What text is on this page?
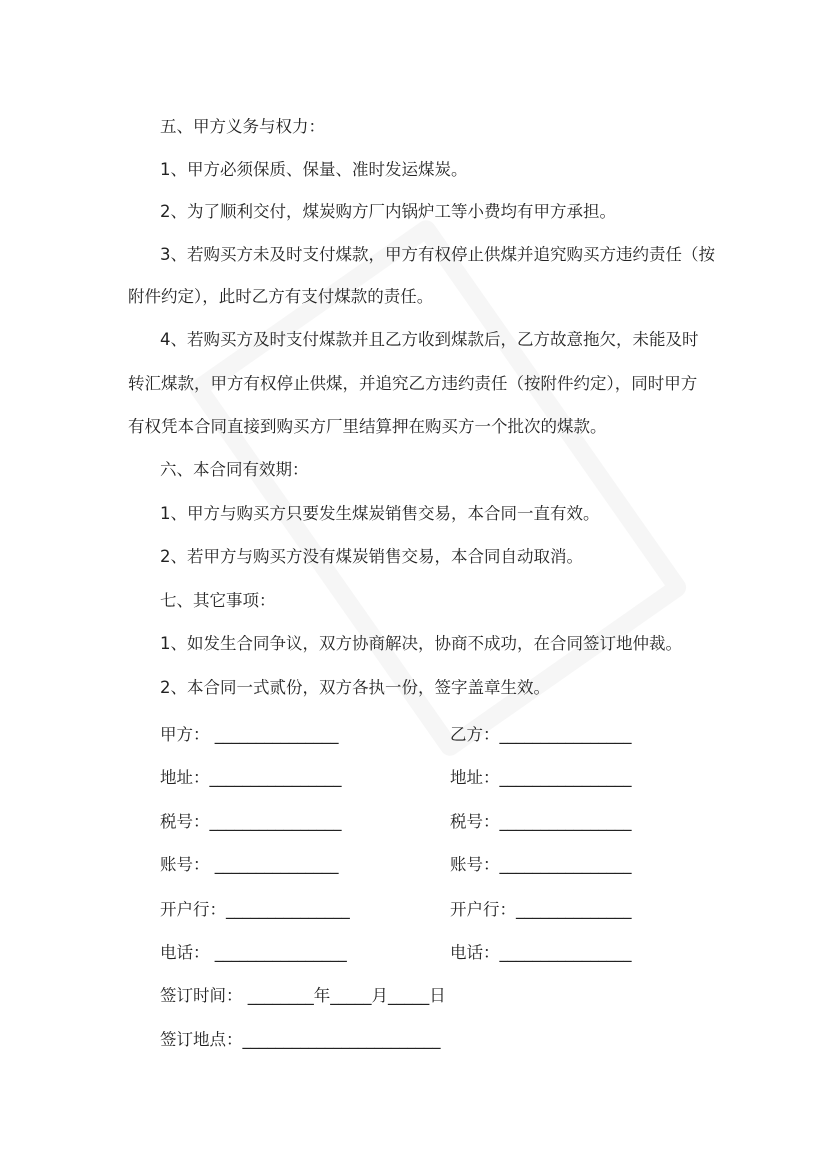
五、甲方义务与权力：
1、甲方必须保质、保量、准时发运煤炭。
2、为了顺利交付，煤炭购方厂内锅炉工等小费均有甲方承担。
3、若购买方未及时支付煤款，甲方有权停止供煤并追究购买方违约责任（按
附件约定），此时乙方有支付煤款的责任。
4、若购买方及时支付煤款并且乙方收到煤款后，乙方故意拖欠，未能及时
转汇煤款，甲方有权停止供煤，并追究乙方违约责任（按附件约定），同时甲方
有权凭本合同直接到购买方厂里结算押在购买方一个批次的煤款。
六、本合同有效期：
1、甲方与购买方只要发生煤炭销售交易，本合同一直有效。
2、若甲方与购买方没有煤炭销售交易，本合同自动取消。
七、其它事项：
1、如发生合同争议，双方协商解决，协商不成功，在合同签订地仲裁。
2、本合同一式贰份，双方各执一份，签字盖章生效。
甲方： _______________	乙方：________________
地址：________________	地址：________________
税号：________________	税号：________________
账号： _______________	账号：________________
开户行：_______________	开户行：______________
电话： ________________	电话：________________
签订时间： ________年_____月_____日
签订地点：________________________
